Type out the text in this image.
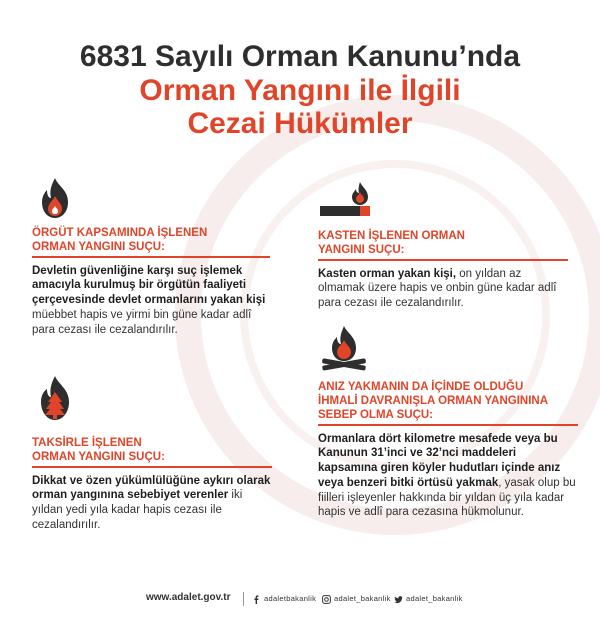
6831 Sayılı Orman Kanunu’nda
Orman Yangını ile İlgili
Cezai Hükümler
ÖRGÜT KAPSAMINDA İŞLENEN
ORMAN YANGINI SUÇU:
Devletin güvenliğine karşı suç işlemek amacıyla kurulmuş bir örgütün faaliyeti çerçevesinde devlet ormanlarını yakan kişi müebbet hapis ve yirmi bin güne kadar adlî para cezası ile cezalandırılır.
TAKSİRLE İŞLENEN
ORMAN YANGINI SUÇU:
Dikkat ve özen yükümlülüğüne aykırı olarak orman yangınına sebebiyet verenler iki yıldan yedi yıla kadar hapis cezası ile cezalandırılır.
KASTEN İŞLENEN ORMAN
YANGINI SUÇU:
Kasten orman yakan kişi, on yıldan az olmamak üzere hapis ve onbin güne kadar adlî para cezası ile cezalandırılır.
ANIZ YAKMANIN DA İÇİNDE OLDUĞU
İHMALİ DAVRANIŞLA ORMAN YANGININA
SEBEP OLMA SUÇU:
Ormanlara dört kilometre mesafede veya bu Kanunun 31’inci ve 32’nci maddeleri kapsamına giren köyler hudutları içinde anız veya benzeri bitki örtüsü yakmak, yasak olup bu fiilleri işleyenler hakkında bir yıldan üç yıla kadar hapis ve adlî para cezasına hükmolunur.
www.adalet.gov.tr	adaletbakanlik	adalet_bakanlik	adalet_bakanlik
